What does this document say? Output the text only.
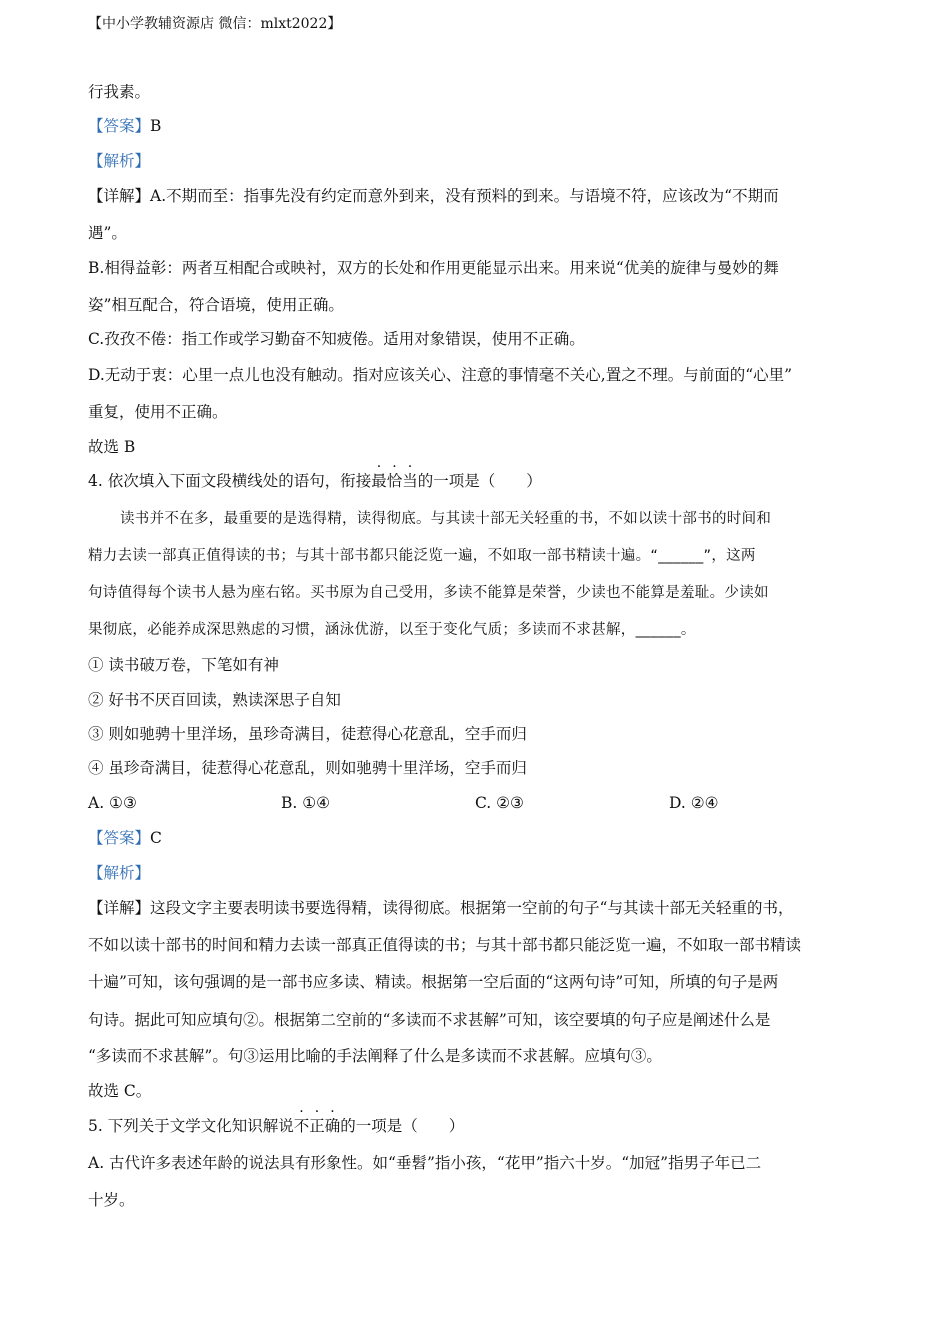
【中小学教辅资源店 微信：mlxt2022】
行我素。
【答案】B
【解析】
【详解】A.不期而至：指事先没有约定而意外到来，没有预料的到来。与语境不符，应该改为“不期而
遇”。
B.相得益彰：两者互相配合或映衬，双方的长处和作用更能显示出来。用来说“优美的旋律与曼妙的舞
姿”相互配合，符合语境，使用正确。
C.孜孜不倦：指工作或学习勤奋不知疲倦。适用对象错误，使用不正确。
D.无动于衷：心里一点儿也没有触动。指对应该关心、注意的事情毫不关心,置之不理。与前面的“心里”
重复，使用不正确。
故选 B
4. 依次填入下面文段横线处的语句，衔接最恰当的一项是（　　）
读书并不在多，最重要的是选得精，读得彻底。与其读十部无关轻重的书，不如以读十部书的时间和
精力去读一部真正值得读的书；与其十部书都只能泛览一遍，不如取一部书精读十遍。“______”，这两
句诗值得每个读书人悬为座右铭。买书原为自己受用，多读不能算是荣誉，少读也不能算是羞耻。少读如
果彻底，必能养成深思熟虑的习惯，涵泳优游，以至于变化气质；多读而不求甚解，______。
① 读书破万卷，下笔如有神
② 好书不厌百回读，熟读深思子自知
③ 则如驰骋十里洋场，虽珍奇满目，徒惹得心花意乱，空手而归
④ 虽珍奇满目，徒惹得心花意乱，则如驰骋十里洋场，空手而归
A. ①③	B. ①④	C. ②③	D. ②④
【答案】C
【解析】
【详解】这段文字主要表明读书要选得精，读得彻底。根据第一空前的句子“与其读十部无关轻重的书，
不如以读十部书的时间和精力去读一部真正值得读的书；与其十部书都只能泛览一遍，不如取一部书精读
十遍”可知，该句强调的是一部书应多读、精读。根据第一空后面的“这两句诗”可知，所填的句子是两
句诗。据此可知应填句②。根据第二空前的“多读而不求甚解”可知，该空要填的句子应是阐述什么是
“多读而不求甚解”。句③运用比喻的手法阐释了什么是多读而不求甚解。应填句③。
故选 C。
5. 下列关于文学文化知识解说不正确的一项是（　　）
A. 古代许多表述年龄的说法具有形象性。如“垂髫”指小孩，“花甲”指六十岁。“加冠”指男子年已二
十岁。
